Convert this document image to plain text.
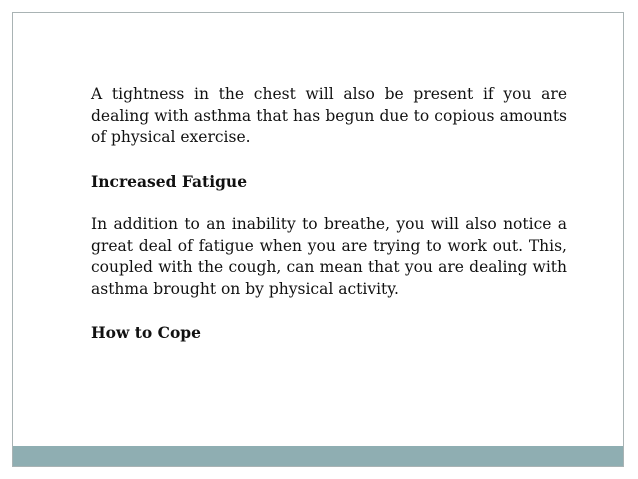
A tightness in the chest will also be present if you are dealing with asthma that has begun due to copious amounts of physical exercise.

Increased Fatigue

In addition to an inability to breathe, you will also notice a great deal of fatigue when you are trying to work out. This, coupled with the cough, can mean that you are dealing with asthma brought on by physical activity.

How to Cope
